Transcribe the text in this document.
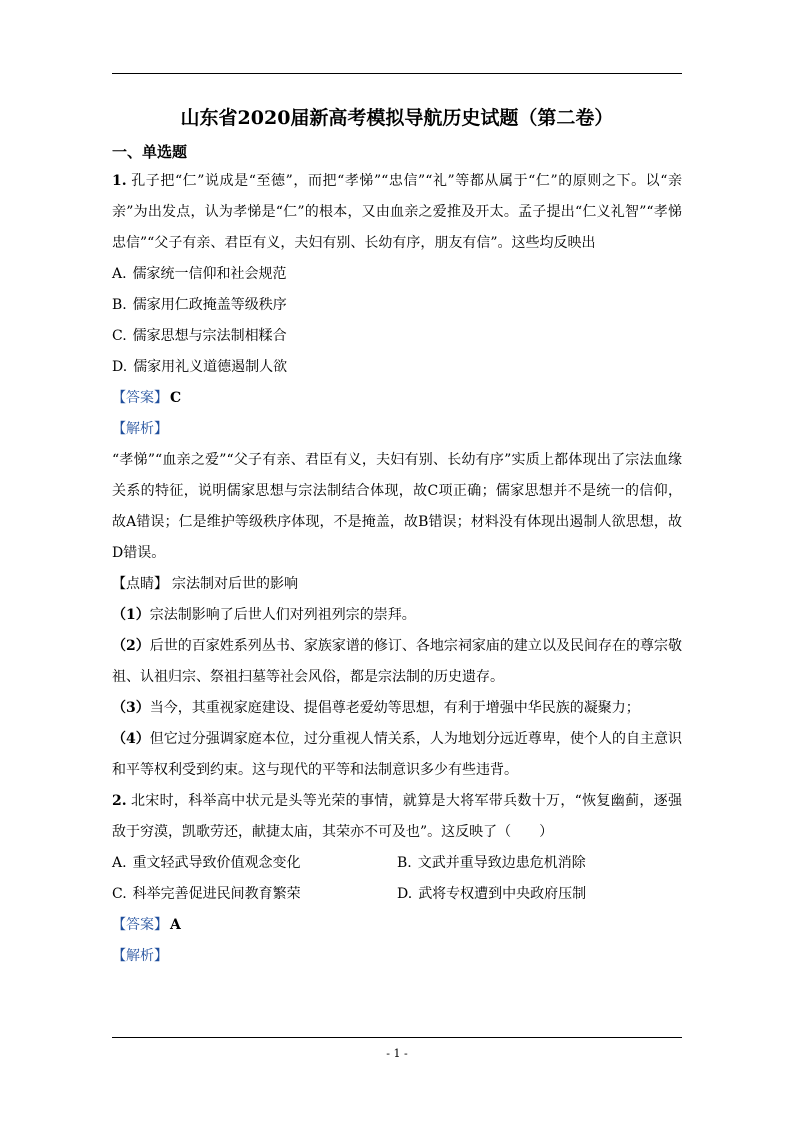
山东省2020届新高考模拟导航历史试题（第二卷）

一、单选题

1. 孔子把“仁”说成是“至德”，而把“孝悌”“忠信”“礼”等都从属于“仁”的原则之下。以“亲亲”为出发点，认为孝悌是“仁”的根本，又由血亲之爱推及开太。孟子提出“仁义礼智”“孝悌忠信”“父子有亲、君臣有义，夫妇有别、长幼有序，朋友有信”。这些均反映出

A. 儒家统一信仰和社会规范

B. 儒家用仁政掩盖等级秩序

C. 儒家思想与宗法制相糅合

D. 儒家用礼义道德遏制人欲

【答案】 C

【解析】

“孝悌”“血亲之爱”“父子有亲、君臣有义，夫妇有别、长幼有序”实质上都体现出了宗法血缘关系的特征，说明儒家思想与宗法制结合体现，故C项正确；儒家思想并不是统一的信仰，故A错误；仁是维护等级秩序体现，不是掩盖，故B错误；材料没有体现出遏制人欲思想，故D错误。

【点睛】 宗法制对后世的影响

（1）宗法制影响了后世人们对列祖列宗的崇拜。

（2）后世的百家姓系列丛书、家族家谱的修订、各地宗祠家庙的建立以及民间存在的尊宗敬祖、认祖归宗、祭祖扫墓等社会风俗，都是宗法制的历史遗存。

（3）当今，其重视家庭建设、提倡尊老爱幼等思想，有利于增强中华民族的凝聚力；

（4）但它过分强调家庭本位，过分重视人情关系，人为地划分远近尊卑，使个人的自主意识和平等权利受到约束。这与现代的平等和法制意识多少有些违背。

2. 北宋时，科举高中状元是头等光荣的事情，就算是大将军带兵数十万，“恢复幽蓟，逐强敌于穷漠，凯歌劳还，献捷太庙，其荣亦不可及也”。这反映了（　　）

A. 重文轻武导致价值观念变化	B. 文武并重导致边患危机消除
C. 科举完善促进民间教育繁荣	D. 武将专权遭到中央政府压制

【答案】 A

【解析】

- 1 -
